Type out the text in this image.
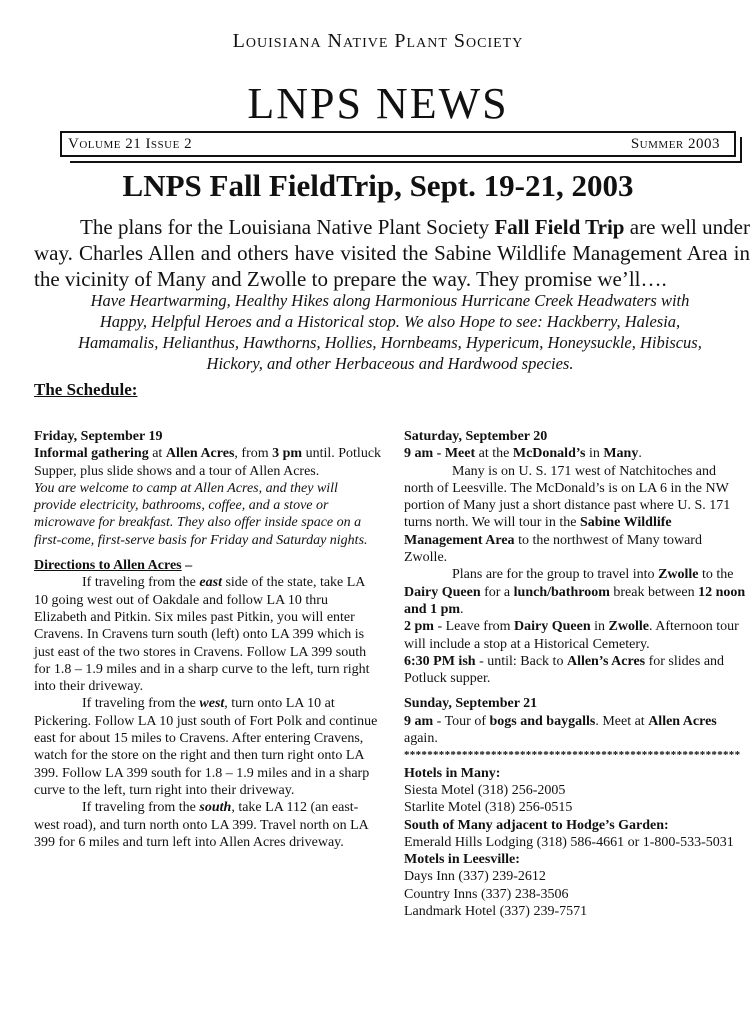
Louisiana Native Plant Society
LNPS NEWS
Volume 21 Issue 2	Summer 2003
LNPS Fall FieldTrip, Sept. 19-21, 2003
The plans for the Louisiana Native Plant Society Fall Field Trip are well under way. Charles Allen and others have visited the Sabine Wildlife Management Area in the vicinity of Many and Zwolle to prepare the way. They promise we’ll….
Have Heartwarming, Healthy Hikes along Harmonious Hurricane Creek Headwaters with
Happy, Helpful Heroes and a Historical stop. We also Hope to see: Hackberry, Halesia,
Hamamalis, Helianthus, Hawthorns, Hollies, Hornbeams, Hypericum, Honeysuckle, Hibiscus,
Hickory, and other Herbaceous and Hardwood species.
The Schedule:

Friday, September 19

Informal gathering at Allen Acres, from 3 pm until. Potluck Supper, plus slide shows and a tour of Allen Acres.

You are welcome to camp at Allen Acres, and they will provide electricity, bathrooms, coffee, and a stove or microwave for breakfast. They also offer inside space on a first-come, first-serve basis for Friday and Saturday nights.

Directions to Allen Acres –

If traveling from the east side of the state, take LA 10 going west out of Oakdale and follow LA 10 thru Elizabeth and Pitkin. Six miles past Pitkin, you will enter Cravens. In Cravens turn south (left) onto LA 399 which is just east of the two stores in Cravens. Follow LA 399 south for 1.8 – 1.9 miles and in a sharp curve to the left, turn right into their driveway.

If traveling from the west, turn onto LA 10 at Pickering. Follow LA 10 just south of Fort Polk and continue east for about 15 miles to Cravens. After entering Cravens, watch for the store on the right and then turn right onto LA 399. Follow LA 399 south for 1.8 – 1.9 miles and in a sharp curve to the left, turn right into their driveway.

If traveling from the south, take LA 112 (an east-west road), and turn north onto LA 399. Travel north on LA 399 for 6 miles and turn left into Allen Acres driveway.

Saturday, September 20

9 am - Meet at the McDonald’s in Many.

Many is on U. S. 171 west of Natchitoches and north of Leesville. The McDonald’s is on LA 6 in the NW portion of Many just a short distance past where U. S. 171 turns north. We will tour in the Sabine Wildlife Management Area to the northwest of Many toward Zwolle.

Plans are for the group to travel into Zwolle to the Dairy Queen for a lunch/bathroom break between 12 noon and 1 pm.

2 pm - Leave from Dairy Queen in Zwolle. Afternoon tour will include a stop at a Historical Cemetery.

6:30 PM ish - until: Back to Allen’s Acres for slides and Potluck supper.

Sunday, September 21

9 am - Tour of bogs and baygalls. Meet at Allen Acres again.

**********************************************************

Hotels in Many:

Siesta Motel (318) 256-2005

Starlite Motel (318) 256-0515

South of Many adjacent to Hodge’s Garden:

Emerald Hills Lodging (318) 586-4661 or 1-800-533-5031

Motels in Leesville:

Days Inn (337) 239-2612

Country Inns (337) 238-3506

Landmark Hotel (337) 239-7571
